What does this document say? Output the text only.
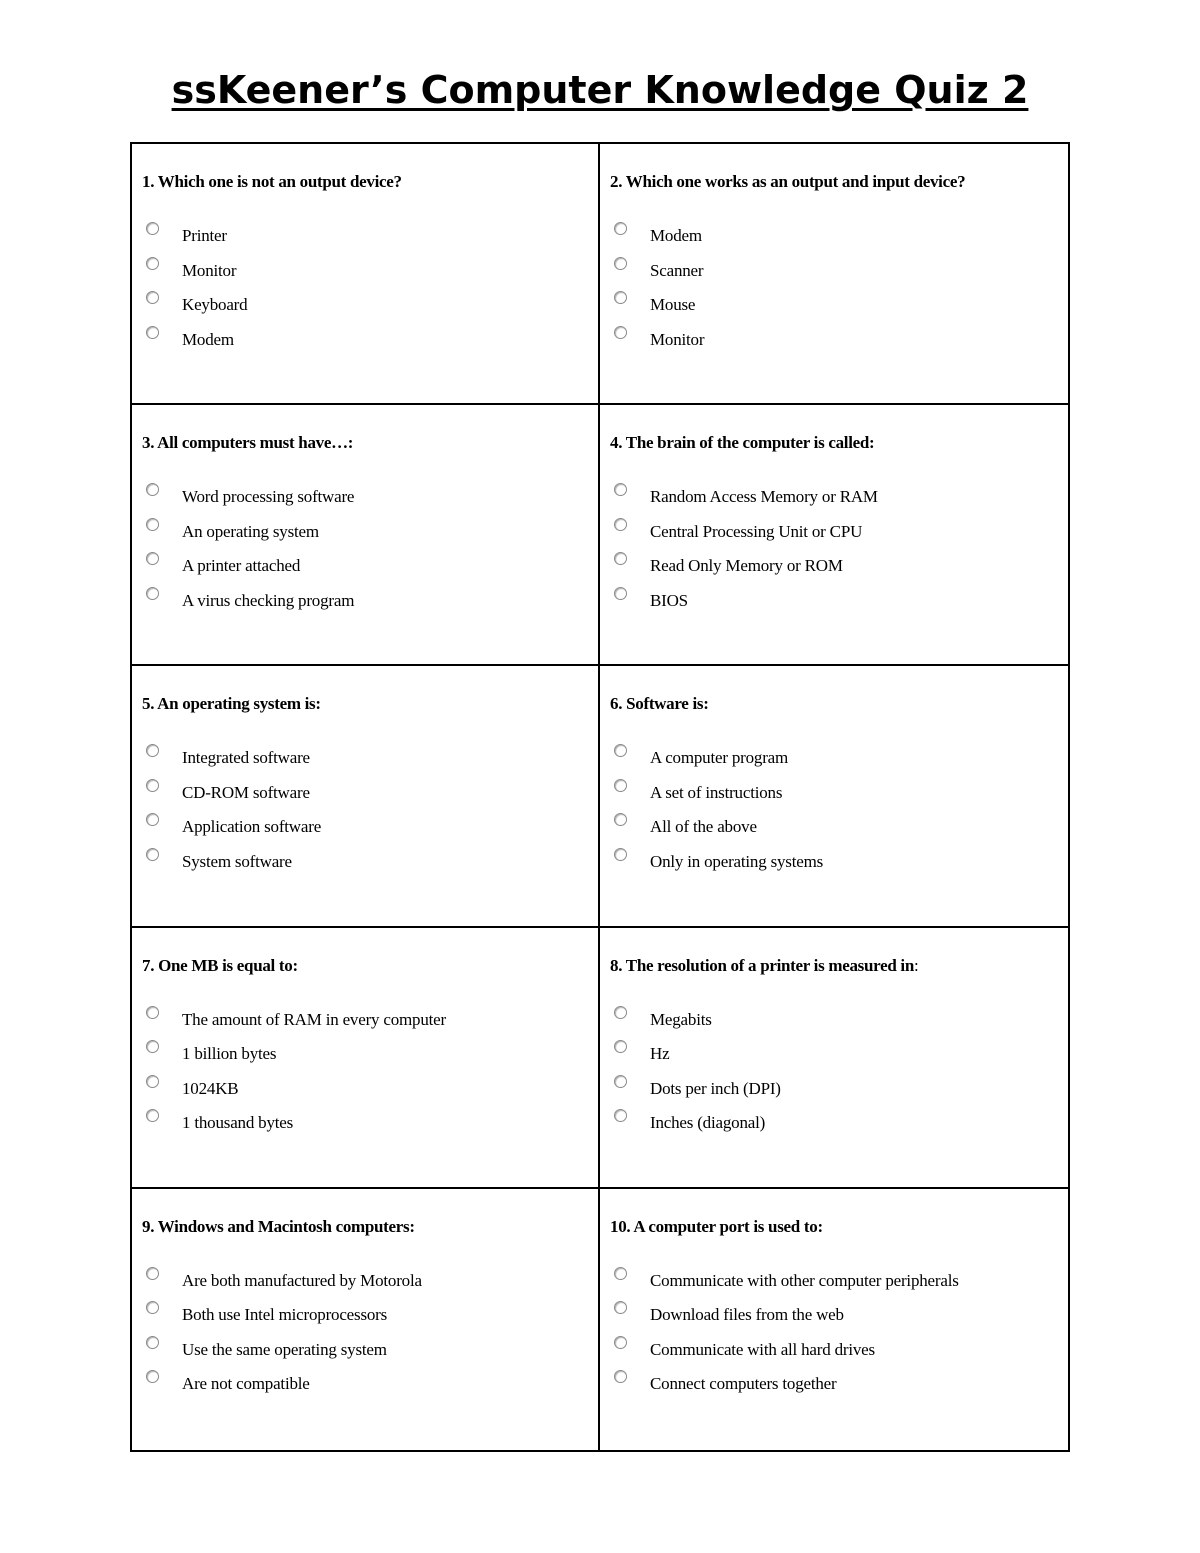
ssKeener’s Computer Knowledge Quiz 2
1. Which one is not an output device?
Printer
Monitor
Keyboard
Modem
2. Which one works as an output and input device?
Modem
Scanner
Mouse
Monitor
3. All computers must have…:
Word processing software
An operating system
A printer attached
A virus checking program
4. The brain of the computer is called:
Random Access Memory or RAM
Central Processing Unit or CPU
Read Only Memory or ROM
BIOS
5. An operating system is:
Integrated software
CD-ROM software
Application software
System software
6. Software is:
A computer program
A set of instructions
All of the above
Only in operating systems
7. One MB is equal to:
The amount of RAM in every computer
1 billion bytes
1024KB
1 thousand bytes
8. The resolution of a printer is measured in:
Megabits
Hz
Dots per inch (DPI)
Inches (diagonal)
9. Windows and Macintosh computers:
Are both manufactured by Motorola
Both use Intel microprocessors
Use the same operating system
Are not compatible
10. A computer port is used to:
Communicate with other computer peripherals
Download files from the web
Communicate with all hard drives
Connect computers together
